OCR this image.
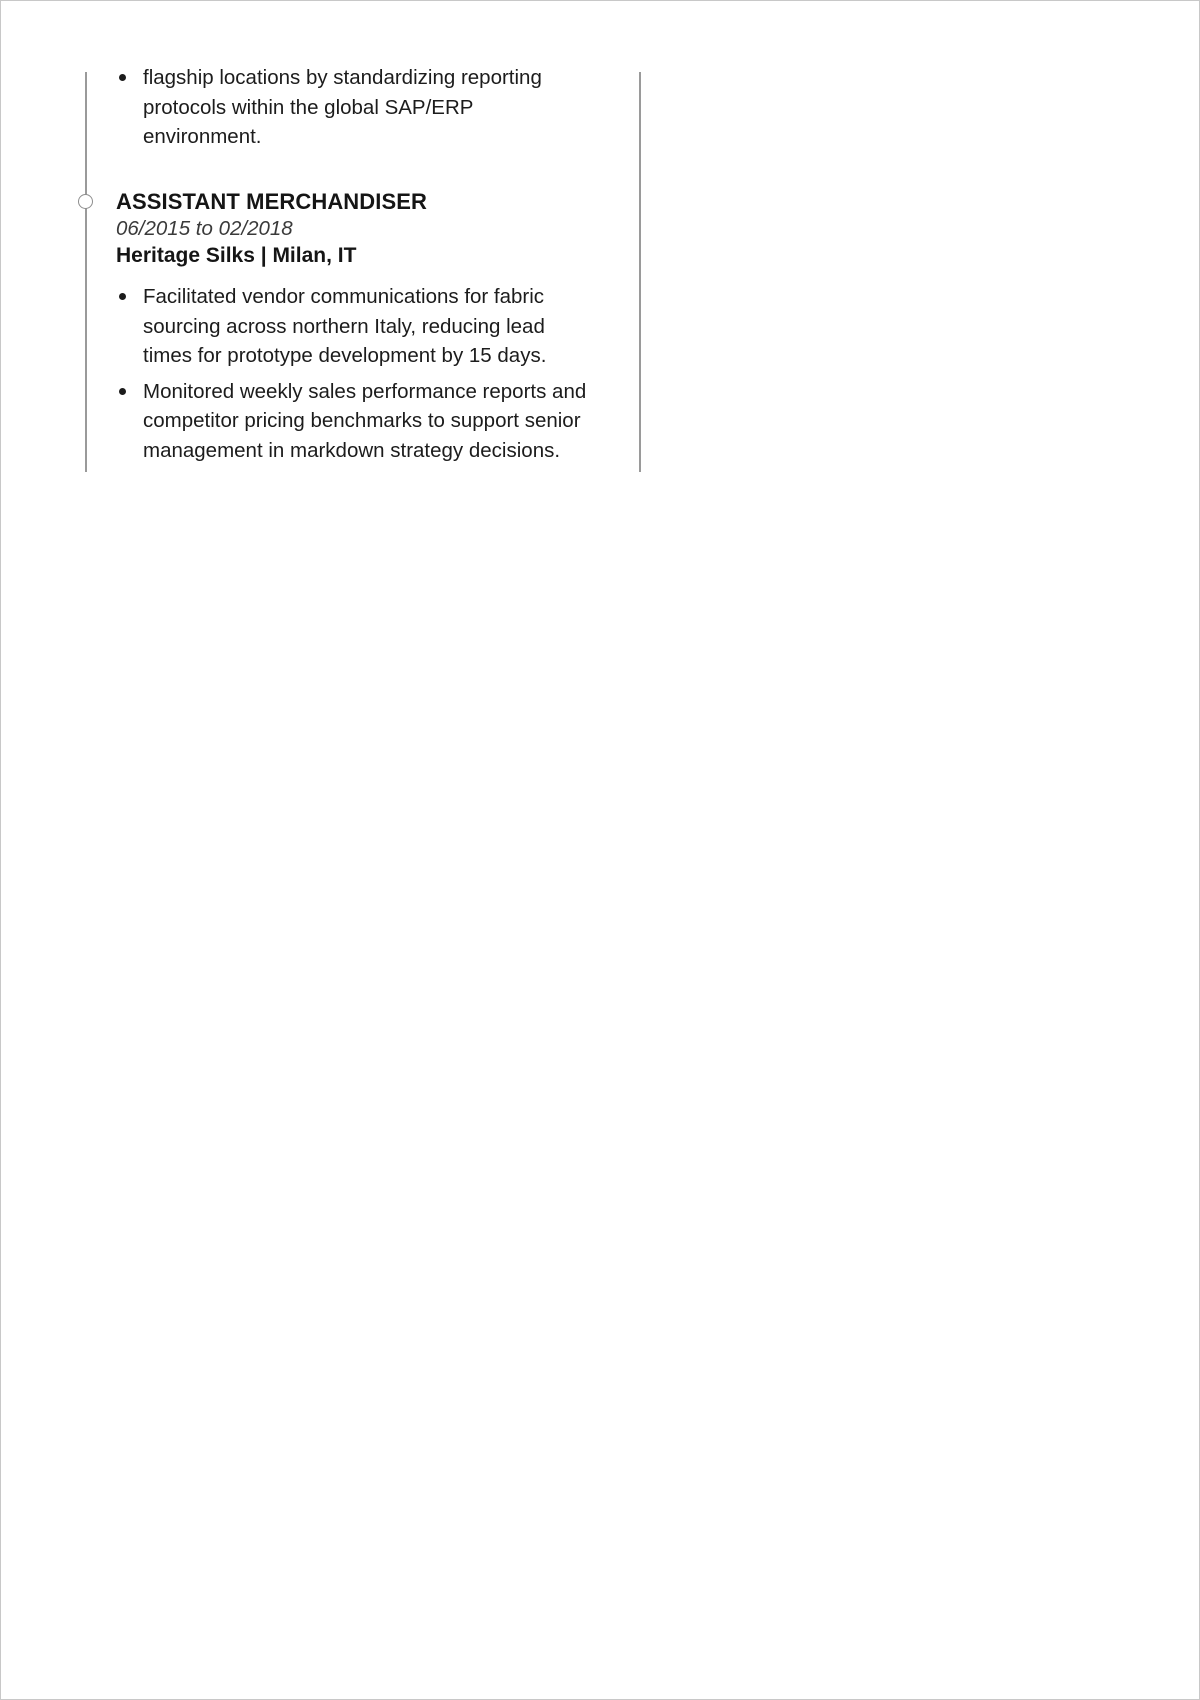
flagship locations by standardizing reporting protocols within the global SAP/ERP environment.
ASSISTANT MERCHANDISER
06/2015 to 02/2018
Heritage Silks | Milan, IT
Facilitated vendor communications for fabric sourcing across northern Italy, reducing lead times for prototype development by 15 days.
Monitored weekly sales performance reports and competitor pricing benchmarks to support senior management in markdown strategy decisions.
